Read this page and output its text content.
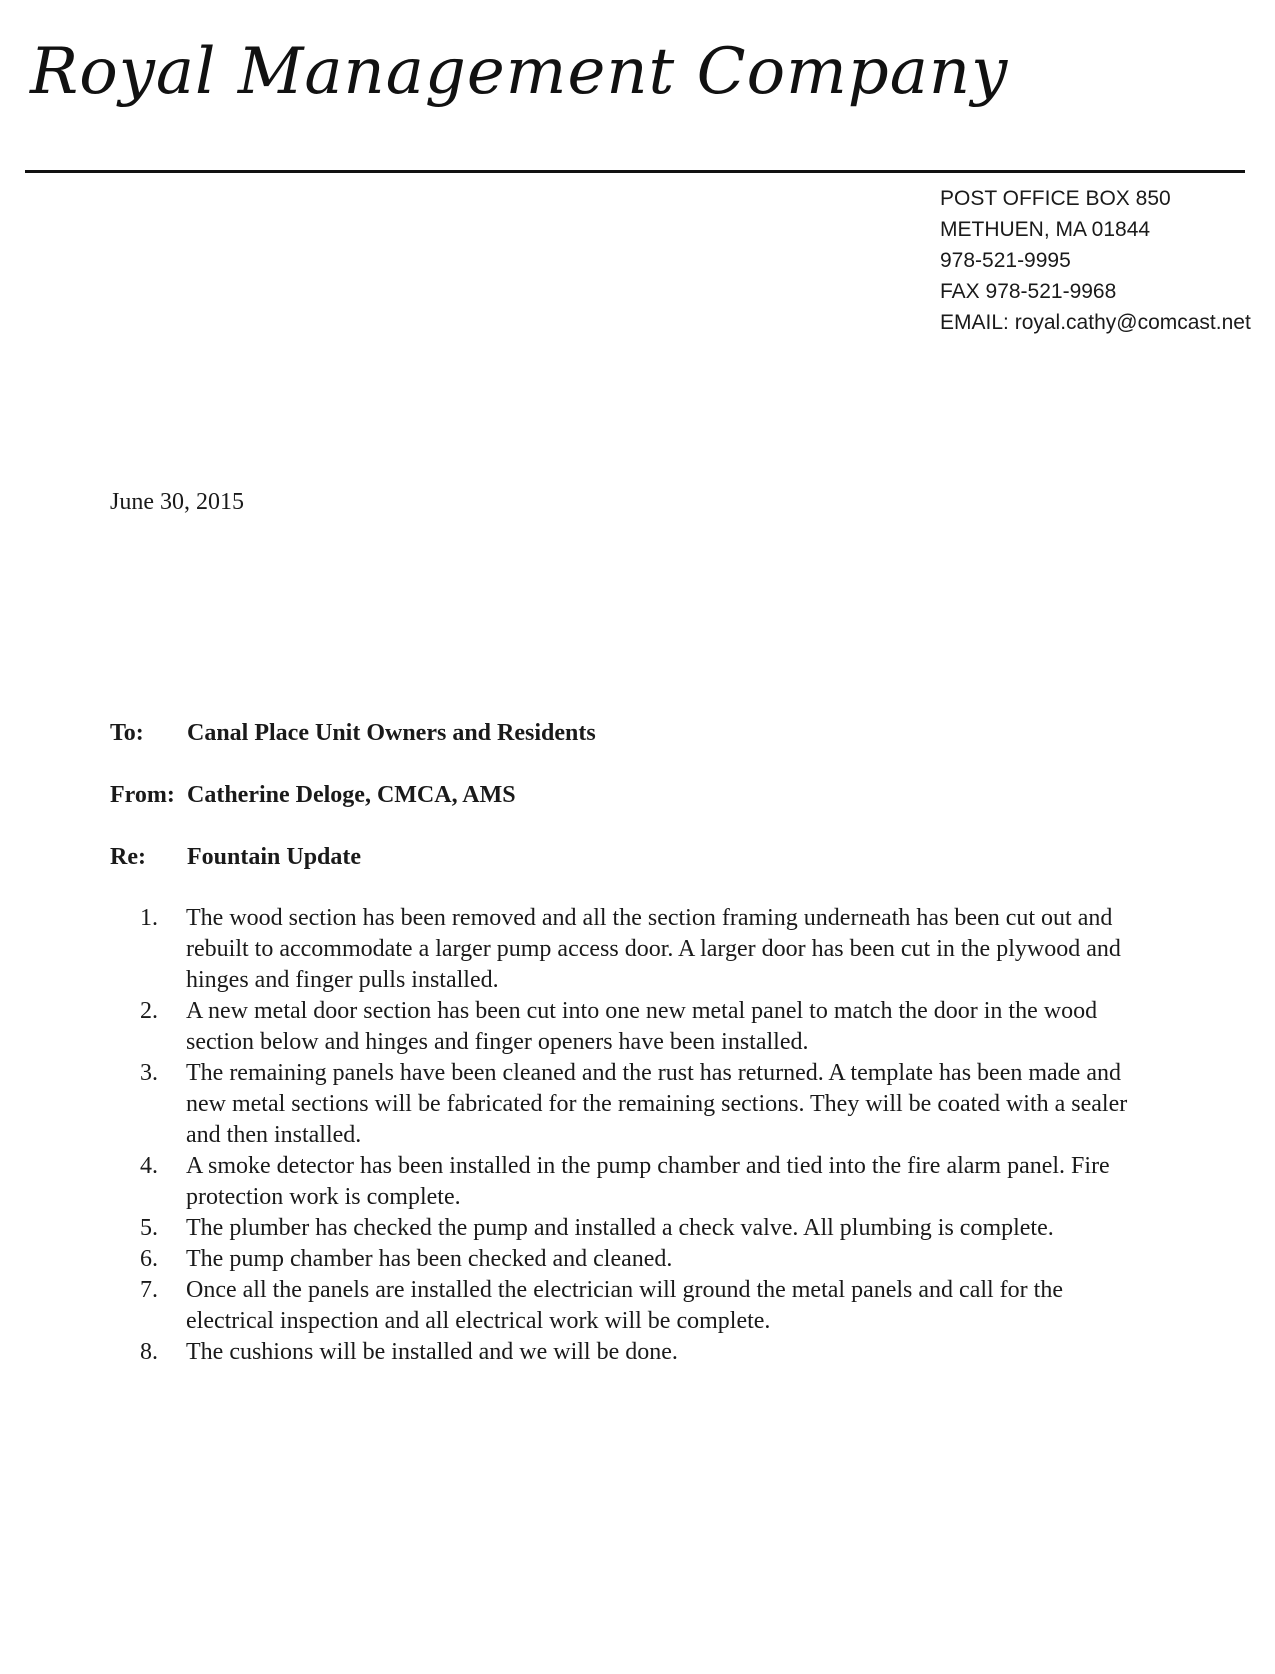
Royal Management Company
POST OFFICE BOX 850
METHUEN, MA 01844
978-521-9995
FAX 978-521-9968
EMAIL: royal.cathy@comcast.net
June 30, 2015
To: Canal Place Unit Owners and Residents
From: Catherine Deloge, CMCA, AMS
Re: Fountain Update
1.	The wood section has been removed and all the section framing underneath has been cut out and rebuilt to accommodate a larger pump access door. A larger door has been cut in the plywood and hinges and finger pulls installed.
2.	A new metal door section has been cut into one new metal panel to match the door in the wood section below and hinges and finger openers have been installed.
3.	The remaining panels have been cleaned and the rust has returned. A template has been made and new metal sections will be fabricated for the remaining sections. They will be coated with a sealer and then installed.
4.	A smoke detector has been installed in the pump chamber and tied into the fire alarm panel. Fire protection work is complete.
5.	The plumber has checked the pump and installed a check valve. All plumbing is complete.
6.	The pump chamber has been checked and cleaned.
7.	Once all the panels are installed the electrician will ground the metal panels and call for the electrical inspection and all electrical work will be complete.
8.	The cushions will be installed and we will be done.
